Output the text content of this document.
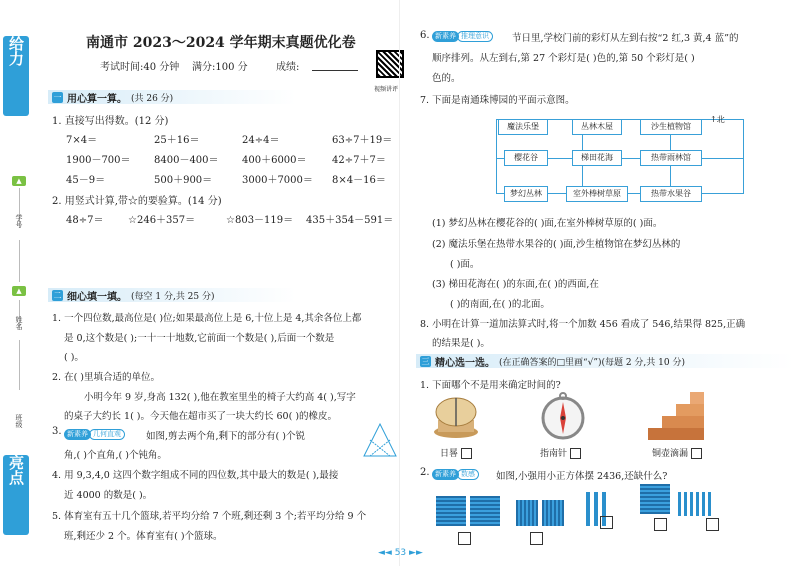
给力
▲
学号
▲
姓名
班级
亮点
南通市 2023～2024 学年期末真题优化卷
考试时间:40 分钟 满分:100 分	成绩:
视频讲评
一 用心算一算。 (共 26 分)
1. 直接写出得数。(12 分)
7×4＝	25＋16＝	24÷4＝	63÷7＋19＝
1900－700＝ 8400－400＝ 400＋6000＝	42÷7＋7＝
45－9＝	500＋900＝	3000＋7000＝ 8×4－16＝
2. 用竖式计算,带☆的要验算。(14 分)
48÷7＝ ☆246＋357＝	☆803－119＝ 435＋354－591＝
二 细心填一填。 (每空 1 分,共 25 分)
1. 一个四位数,最高位是( )位;如果最高位上是 6,十位上是 4,其余各位上都
是 0,这个数是( );一十一十地数,它前面一个数是( ),后面一个数是
( )。
2. 在( )里填合适的单位。
小明今年 9 岁,身高 132( ),他在教室里坐的椅子大约高 4( ),写字
的桌子大约长 1( )。今天他在超市买了一块大约长 60( )的橡皮。
3. 新素养 几何直观	如图,剪去两个角,剩下的部分有( )个锐
角,( )个直角,( )个钝角。
4. 用 9,3,4,0 这四个数字组成不同的四位数,其中最大的数是( ),最接
近 4000 的数是( )。
5. 体育室有五十几个篮球,若平均分给 7 个班,剩还剩 3 个;若平均分给 9 个
班,剩还少 2 个。体育室有( )个篮球。
6. 新素养 推理意识	节日里,学校门前的彩灯从左到右按“2 红,3 黄,4 蓝”的
顺序排列。从左到右,第 27 个彩灯是( )色的,第 50 个彩灯是( )
色的。
7. 下面是南通珠博园的平面示意图。
魔法乐堡	丛林木屋	沙生植物馆
樱花谷	梯田花海	热带雨林馆
梦幻丛林	室外棒树草原	热带水果谷
↑北
(1) 梦幻丛林在樱花谷的( )面,在室外棒树草原的( )面。
(2) 魔法乐堡在热带水果谷的( )面,沙生植物馆在梦幻丛林的
( )面。
(3) 梯田花海在( )的东面,在( )的西面,在
( )的南面,在( )的北面。
8. 小明在计算一道加法算式时,将一个加数 456 看成了 546,结果得 825,正确
的结果是( )。
三 精心选一选。 (在正确答案的□里画“√”)(每题 2 分,共 10 分)
1. 下面哪个不是用来确定时间的?
日晷	指南针	铜壶滴漏
2. 新素养 数感	如图,小强用小正方体摆 2436,还缺什么?
◄◄ 53 ►►
